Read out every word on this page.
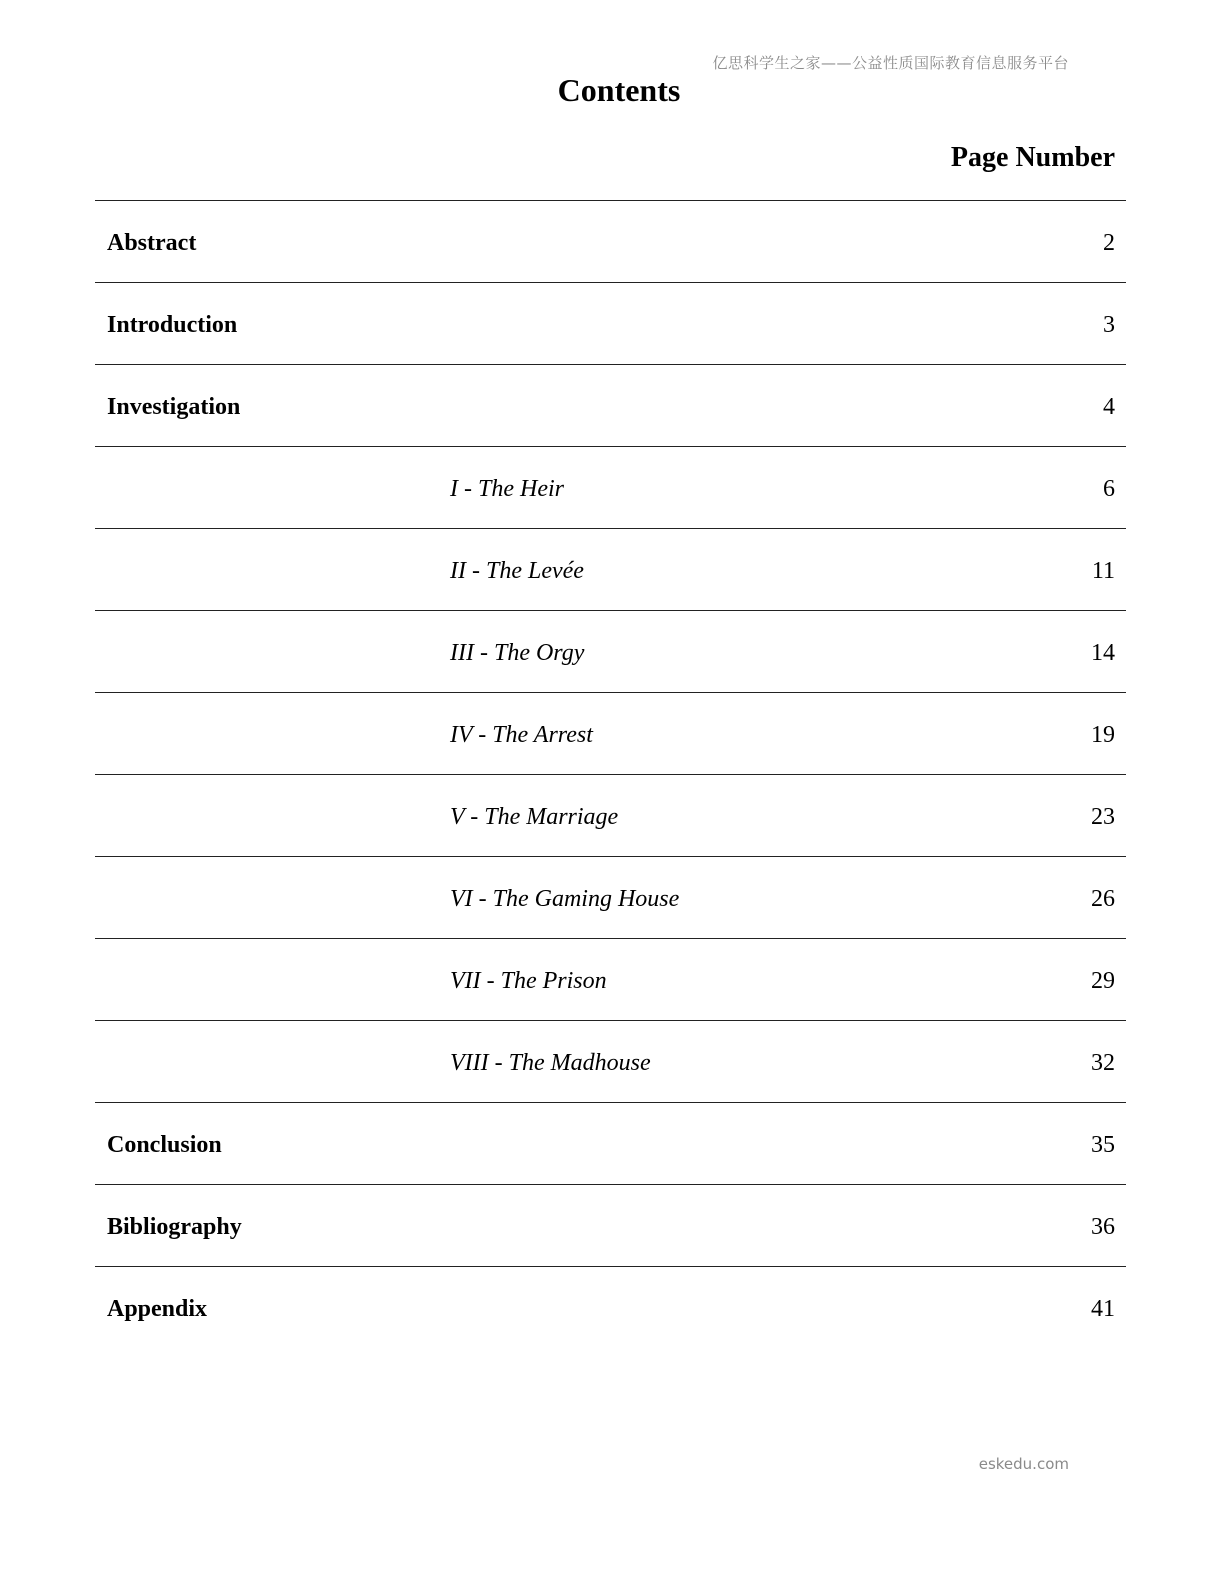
亿思科学生之家——公益性质国际教育信息服务平台
Contents
Page Number
Abstract	2
Introduction	3
Investigation	4
I - The Heir	6
II - The Levée	11
III - The Orgy	14
IV - The Arrest	19
V - The Marriage	23
VI - The Gaming House	26
VII - The Prison	29
VIII - The Madhouse	32
Conclusion	35
Bibliography	36
Appendix	41
eskedu.com
